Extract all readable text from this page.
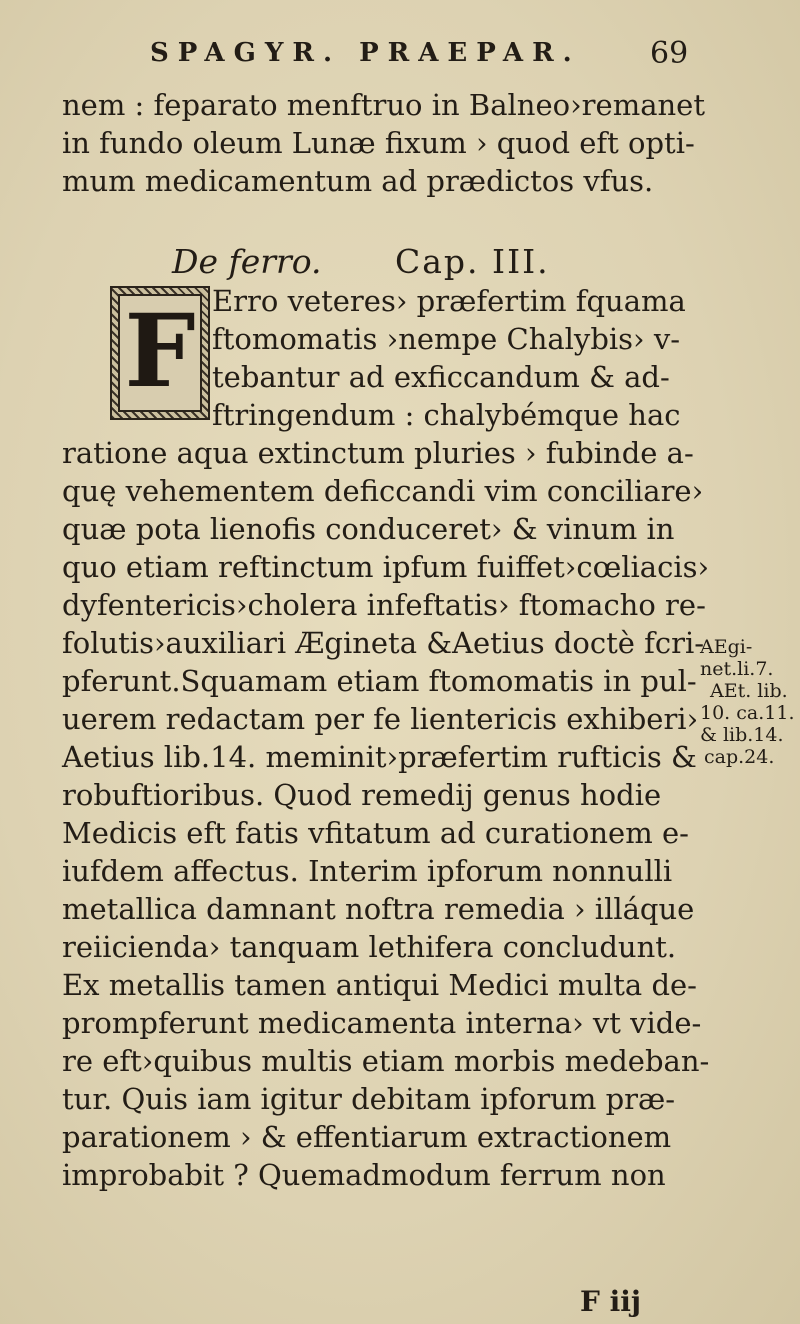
SPAGYR. PRAEPAR. 69
nem : feparato menftruo in Balneo›remanet
in fundo oleum Lunæ fixum › quod eft opti-
mum medicamentum ad prædictos vfus.
De ferro. Cap. III.
F Erro veteres› præfertim fquama
ftomomatis ›nempe Chalybis› v-
tebantur ad exficcandum & ad-
ftringendum : chalybémque hac
ratione aqua extinctum pluries › fubinde a-
quę vehementem deficcandi vim conciliare›
quæ pota lienofis conduceret› & vinum in
quo etiam reftinctum ipfum fuiffet›cœliacis›
dyfentericis›cholera infeftatis› ftomacho re-
folutis›auxiliari Ægineta &Aetius doctè fcri-
pferunt.Squamam etiam ftomomatis in pul-
uerem redactam per fe lientericis exhiberi›
Aetius lib.14. meminit›præfertim rufticis &
robuftioribus. Quod remedij genus hodie
Medicis eft fatis vfitatum ad curationem e-
iufdem affectus. Interim ipforum nonnulli
metallica damnant noftra remedia › illáque
reiicienda› tanquam lethifera concludunt.
Ex metallis tamen antiqui Medici multa de-
prompferunt medicamenta interna› vt vide-
re eft›quibus multis etiam morbis medeban-
tur. Quis iam igitur debitam ipforum præ-
parationem › & effentiarum extractionem
improbabit ? Quemadmodum ferrum non
AEgi-
net.li.7.
AEt. lib.
10. ca.11.
& lib.14.
cap.24.
F iij
